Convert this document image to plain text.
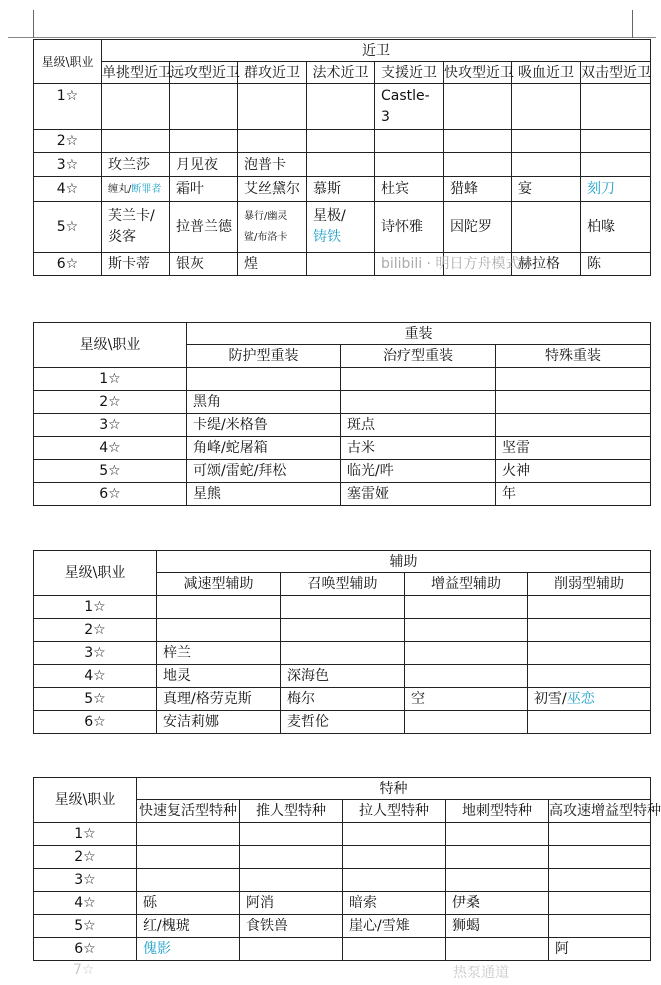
星级\职业	近卫							
	单挑型近卫	远攻型近卫	群攻近卫	法术近卫	支援近卫	快攻型近卫	吸血近卫	双击型近卫
1☆					Castle-
3			

2☆								
3☆	玫兰莎	月见夜	泡普卡					
4☆	缠丸/断罪者	霜叶	艾丝黛尔	慕斯	杜宾	猎蜂	宴	刻刀
5☆	芙兰卡/
炎客	拉普兰德	暴行/幽灵
鲨/布洛卡	星极/
铸铁	诗怀雅	因陀罗		柏喙
6☆	斯卡蒂	银灰	煌		bilibili · 明日方舟模式		赫拉格	陈
星级\职业	重装		
	防护型重装	治疗型重装	特殊重装
1☆			
2☆	黑角		
3☆	卡缇/米格鲁	斑点	
4☆	角峰/蛇屠箱	古米	坚雷
5☆	可颂/雷蛇/拜松	临光/吽	火神
6☆	星熊	塞雷娅	年
星级\职业	辅助			
	减速型辅助	召唤型辅助	增益型辅助	削弱型辅助
1☆				
2☆				
3☆	梓兰			
4☆	地灵	深海色		
5☆	真理/格劳克斯	梅尔	空	初雪/巫恋
6☆	安洁莉娜	麦哲伦		
星级\职业	特种				
	快速复活型特种	推人型特种	拉人型特种	地刺型特种	高攻速增益型特种
1☆					
2☆					
3☆					
4☆	砾	阿消	暗索	伊桑	
5☆	红/槐琥	食铁兽	崖心/雪雉	狮蝎	
6☆	傀影				阿
7☆	热泵通道
